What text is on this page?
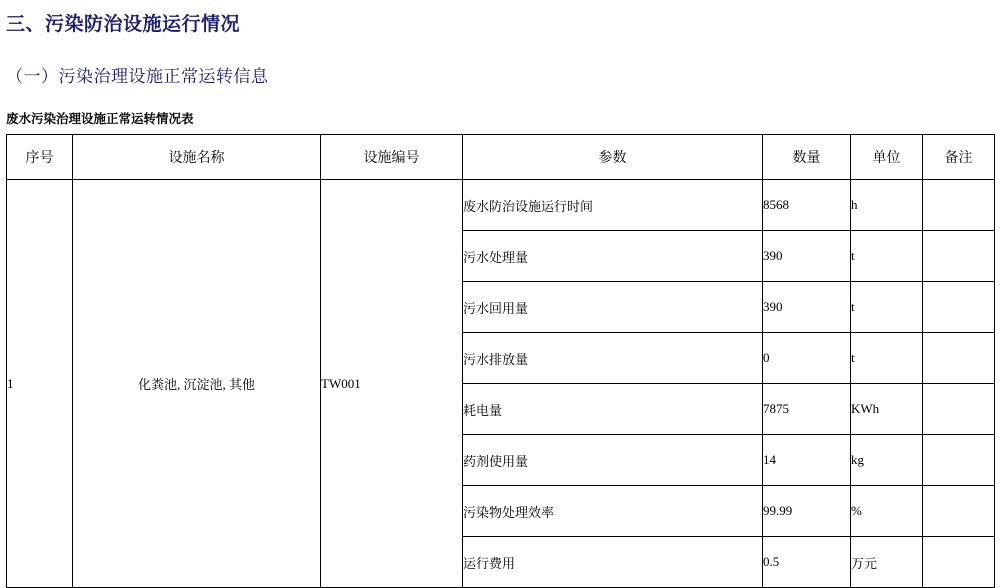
三、污染防治设施运行情况
（一）污染治理设施正常运转信息
废水污染治理设施正常运转情况表
序号	设施名称	设施编号	参数	数量	单位	备注
1	化粪池, 沉淀池, 其他	TW001	废水防治设施运行时间	8568	h	
			污水处理量	390	t	
			污水回用量	390	t	
			污水排放量	0	t	
			耗电量	7875	KWh	
			药剂使用量	14	kg	
			污染物处理效率	99.99	%	
			运行费用	0.5	万元	
